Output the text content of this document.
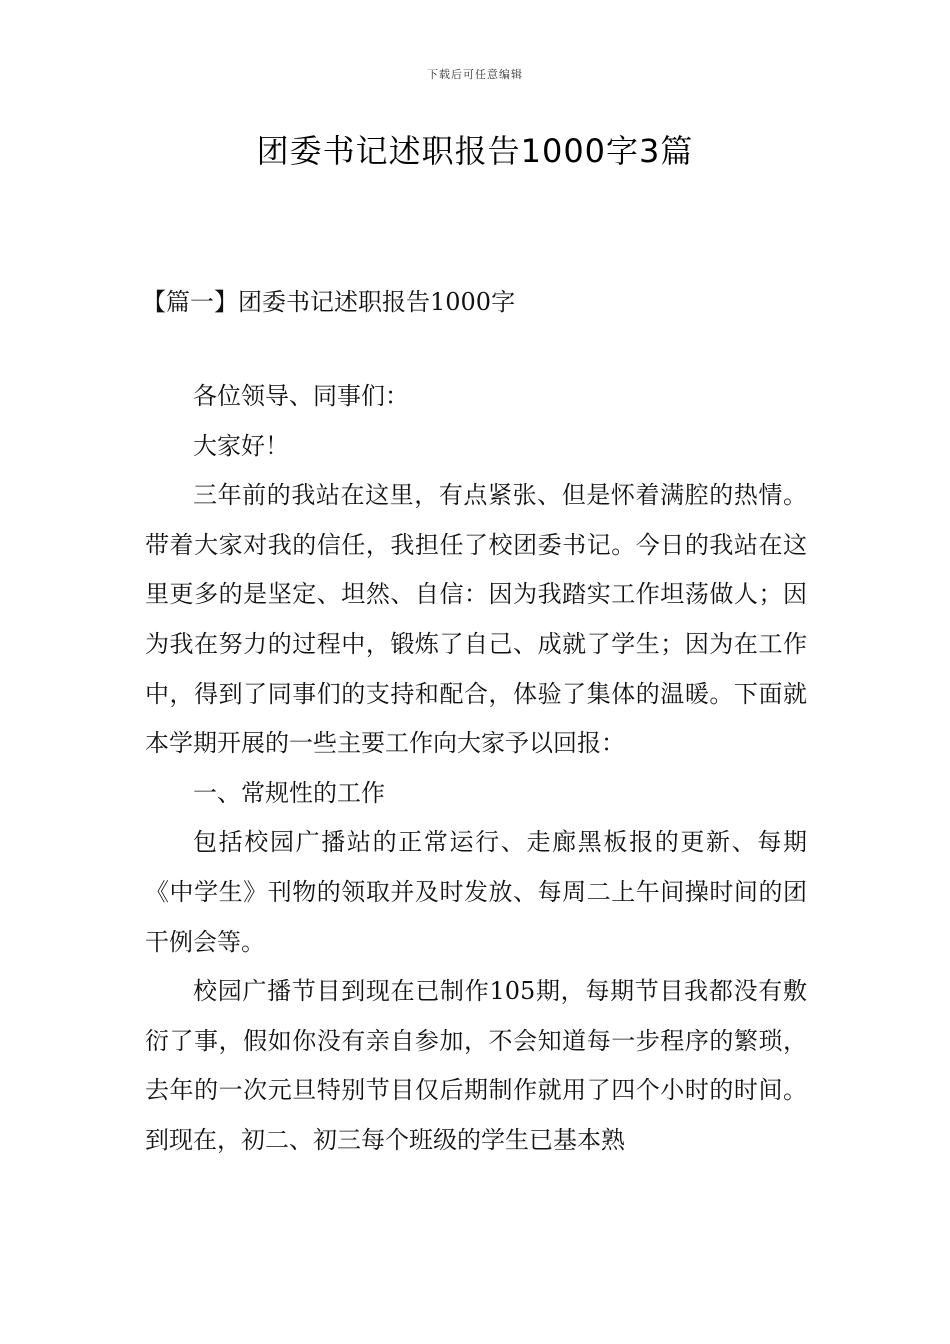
下载后可任意编辑
团委书记述职报告1000字3篇
【篇一】团委书记述职报告1000字

各位领导、同事们：

大家好！

三年前的我站在这里，有点紧张、但是怀着满腔的热情。带着大家对我的信任，我担任了校团委书记。今日的我站在这里更多的是坚定、坦然、自信：因为我踏实工作坦荡做人；因为我在努力的过程中，锻炼了自己、成就了学生；因为在工作中，得到了同事们的支持和配合，体验了集体的温暖。下面就本学期开展的一些主要工作向大家予以回报：

一、常规性的工作

包括校园广播站的正常运行、走廊黑板报的更新、每期《中学生》刊物的领取并及时发放、每周二上午间操时间的团干例会等。

校园广播节目到现在已制作105期，每期节目我都没有敷衍了事，假如你没有亲自参加，不会知道每一步程序的繁琐，去年的一次元旦特别节目仅后期制作就用了四个小时的时间。到现在，初二、初三每个班级的学生已基本熟
